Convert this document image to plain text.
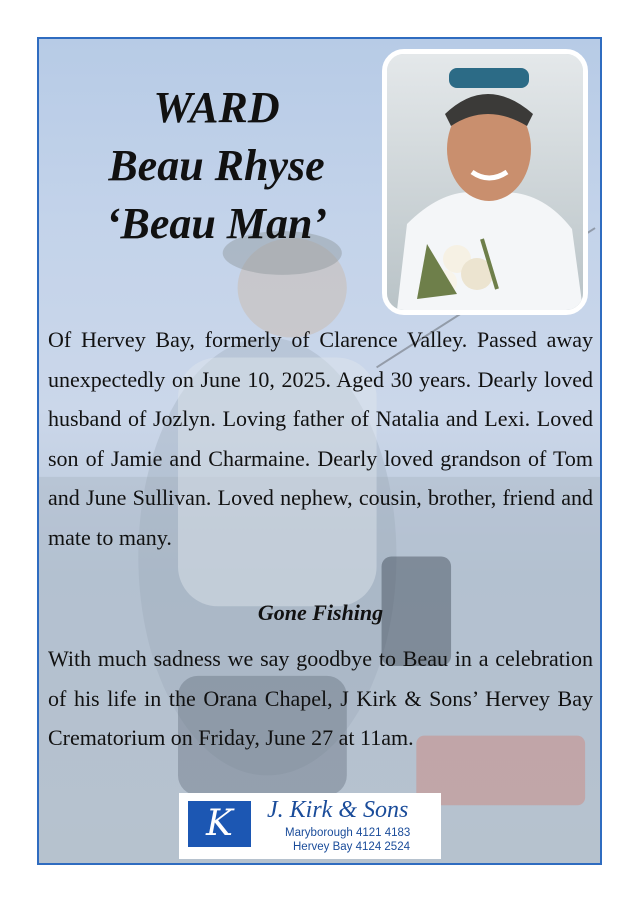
WARD
Beau Rhyse
‘Beau Man’

Of Hervey Bay, formerly of Clarence Valley. Passed away unexpectedly on June 10, 2025. Aged 30 years. Dearly loved husband of Jozlyn. Loving father of Natalia and Lexi. Loved son of Jamie and Charmaine. Dearly loved grandson of Tom and June Sullivan. Loved nephew, cousin, brother, friend and mate to many.

Gone Fishing

With much sadness we say goodbye to Beau in a celebration of his life in the Orana Chapel, J Kirk & Sons’ Hervey Bay Crematorium on Friday, June 27 at 11am.

K	J. Kirk & Sons
Maryborough 4121 4183
Hervey Bay 4124 2524
